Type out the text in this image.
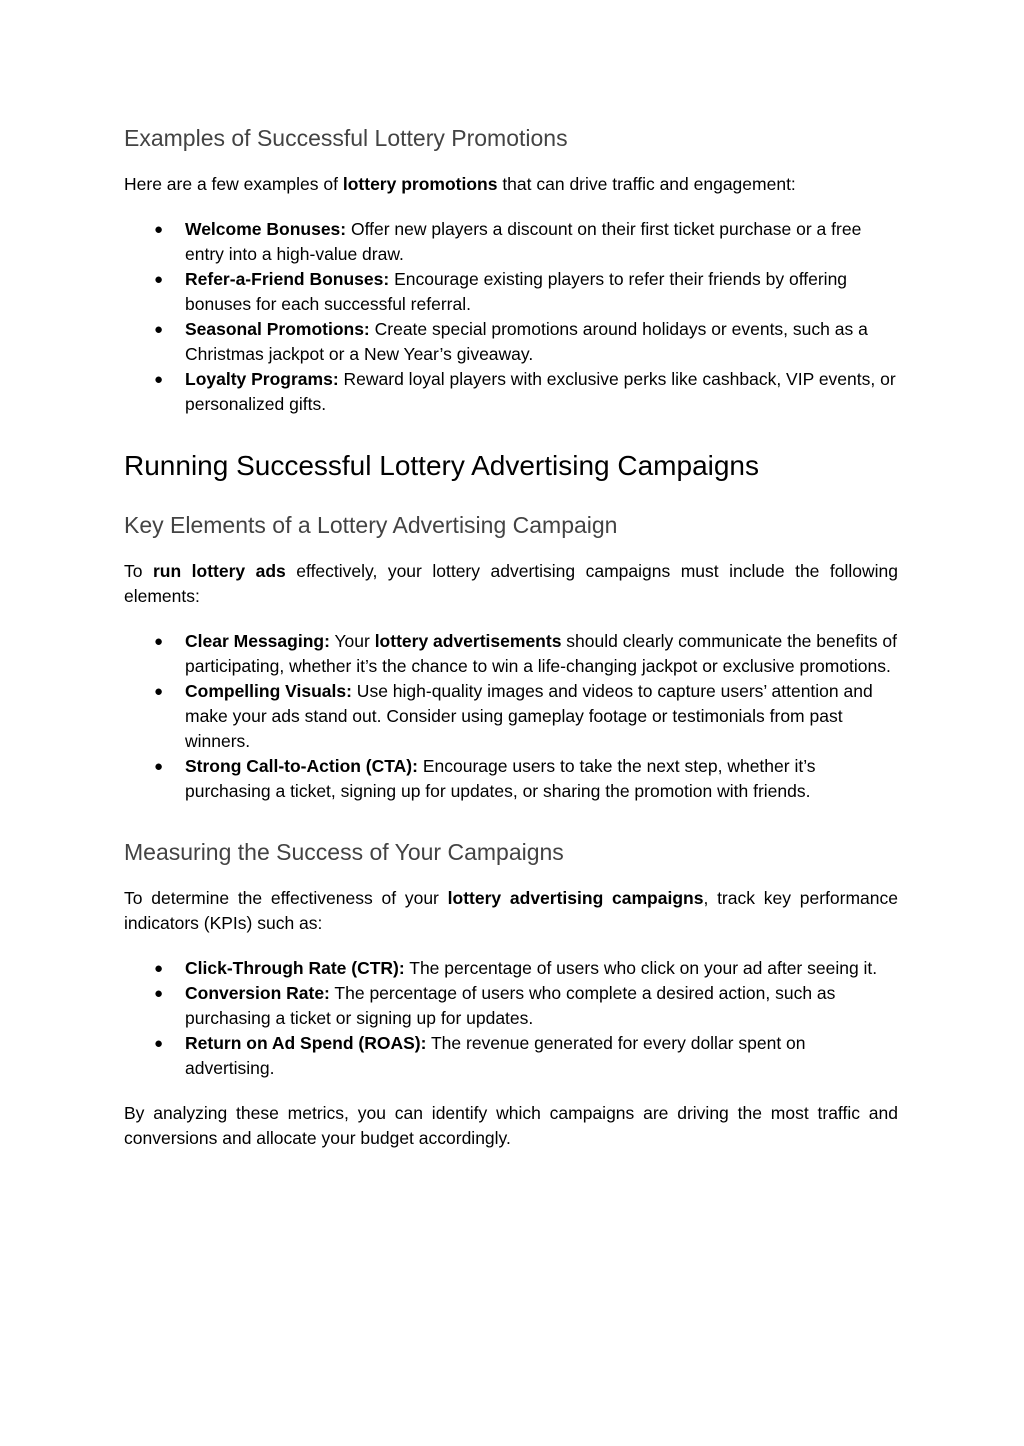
Examples of Successful Lottery Promotions

Here are a few examples of lottery promotions that can drive traffic and engagement:

● Welcome Bonuses: Offer new players a discount on their first ticket purchase or a free entry into a high-value draw.
● Refer-a-Friend Bonuses: Encourage existing players to refer their friends by offering bonuses for each successful referral.
● Seasonal Promotions: Create special promotions around holidays or events, such as a Christmas jackpot or a New Year’s giveaway.
● Loyalty Programs: Reward loyal players with exclusive perks like cashback, VIP events, or personalized gifts.
Running Successful Lottery Advertising Campaigns
Key Elements of a Lottery Advertising Campaign

To run lottery ads effectively, your lottery advertising campaigns must include the following elements:

● Clear Messaging: Your lottery advertisements should clearly communicate the benefits of participating, whether it’s the chance to win a life-changing jackpot or exclusive promotions.
● Compelling Visuals: Use high-quality images and videos to capture users’ attention and make your ads stand out. Consider using gameplay footage or testimonials from past winners.
● Strong Call-to-Action (CTA): Encourage users to take the next step, whether it’s purchasing a ticket, signing up for updates, or sharing the promotion with friends.
Measuring the Success of Your Campaigns

To determine the effectiveness of your lottery advertising campaigns, track key performance indicators (KPIs) such as:

● Click-Through Rate (CTR): The percentage of users who click on your ad after seeing it.
● Conversion Rate: The percentage of users who complete a desired action, such as purchasing a ticket or signing up for updates.
● Return on Ad Spend (ROAS): The revenue generated for every dollar spent on advertising.

By analyzing these metrics, you can identify which campaigns are driving the most traffic and conversions and allocate your budget accordingly.
